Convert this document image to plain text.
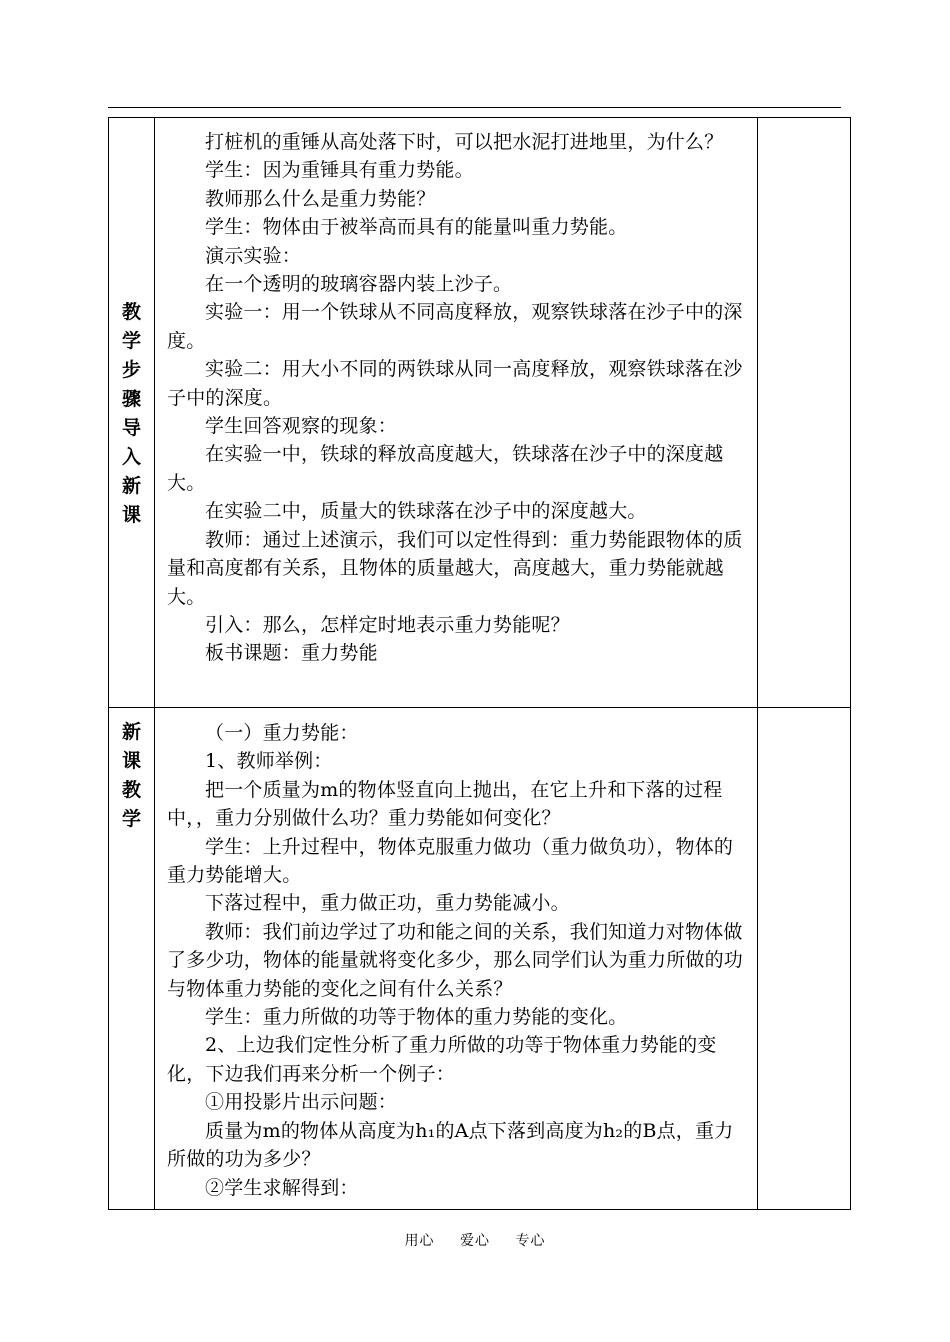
教
学
步
骤
导
入
新
课

打桩机的重锤从高处落下时，可以把水泥打进地里，为什么？

学生：因为重锤具有重力势能。

教师那么什么是重力势能？

学生：物体由于被举高而具有的能量叫重力势能。

演示实验：

在一个透明的玻璃容器内装上沙子。

实验一：用一个铁球从不同高度释放，观察铁球落在沙子中的深度。

实验二：用大小不同的两铁球从同一高度释放，观察铁球落在沙子中的深度。

学生回答观察的现象：

在实验一中，铁球的释放高度越大，铁球落在沙子中的深度越大。

在实验二中，质量大的铁球落在沙子中的深度越大。

教师：通过上述演示，我们可以定性得到：重力势能跟物体的质量和高度都有关系，且物体的质量越大，高度越大，重力势能就越大。

引入：那么，怎样定时地表示重力势能呢？

板书课题：重力势能

新
课
教
学

（一）重力势能：

1、教师举例：

把一个质量为m的物体竖直向上抛出，在它上升和下落的过程中，，重力分别做什么功？重力势能如何变化？

学生：上升过程中，物体克服重力做功（重力做负功），物体的重力势能增大。

下落过程中，重力做正功，重力势能减小。

教师：我们前边学过了功和能之间的关系，我们知道力对物体做了多少功，物体的能量就将变化多少，那么同学们认为重力所做的功与物体重力势能的变化之间有什么关系？

学生：重力所做的功等于物体的重力势能的变化。

2、上边我们定性分析了重力所做的功等于物体重力势能的变化，下边我们再来分析一个例子：

①用投影片出示问题：

质量为m的物体从高度为h₁的A点下落到高度为h₂的B点，重力所做的功为多少？

②学生求解得到：

用心 爱心 专心
